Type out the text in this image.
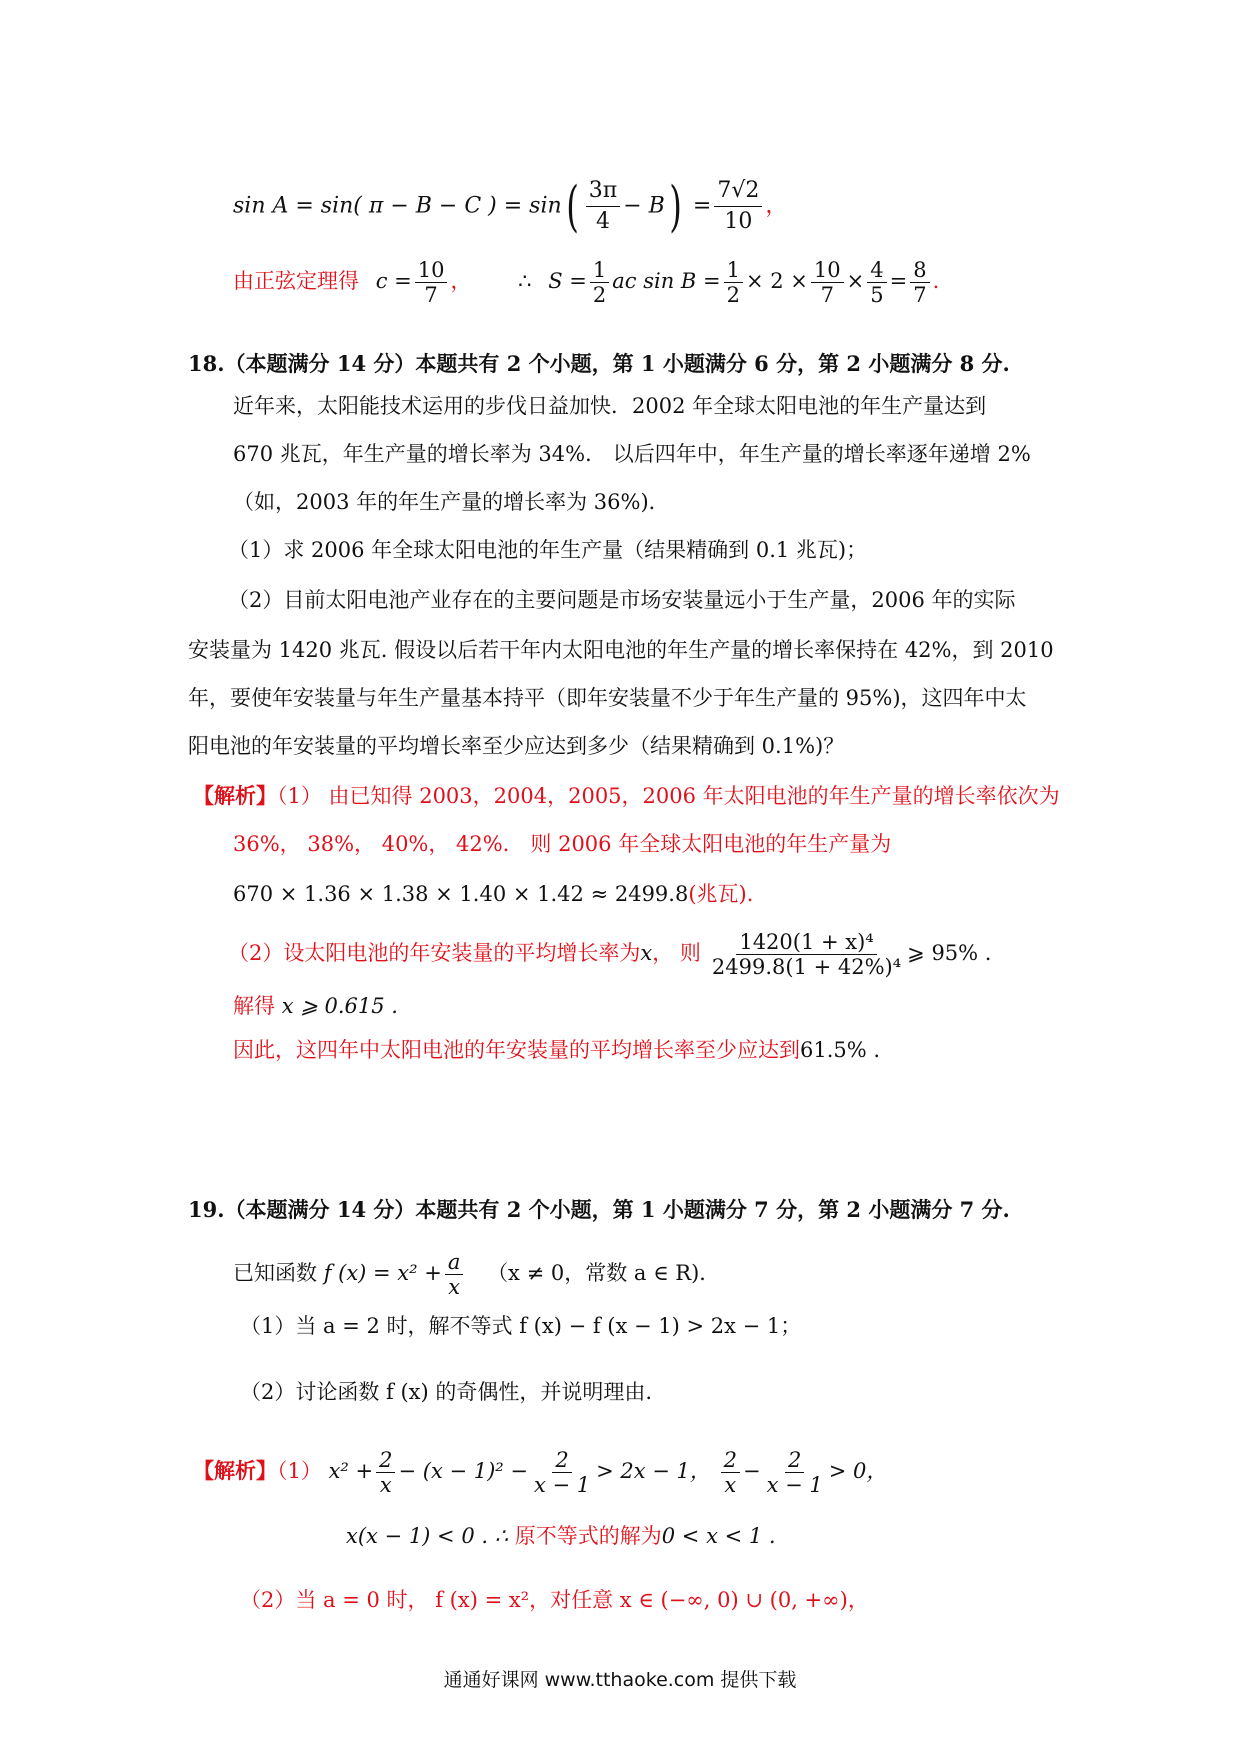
sin A = sin( π − B − C ) = $\sin( \frac{3\pi}{4} - B) = \frac{7√2}{10}$ ，
由正弦定理得 $c = \frac{10}{7}$ ， ∴ $S = \frac{1}{2}$ ac $\sin B = \frac{1}{2} \times 2 \times \frac{10}{7} \times \frac{4}{5} = \frac{8}{7}$ .
18.（本题满分 14 分）本题共有 2 个小题，第 1 小题满分 6 分，第 2 小题满分 8 分.
近年来，太阳能技术运用的步伐日益加快．2002 年全球太阳电池的年生产量达到
670 兆瓦，年生产量的增长率为 34%． 以后四年中，年生产量的增长率逐年递增 2%
（如，2003 年的年生产量的增长率为 36%)．
（1）求 2006 年全球太阳电池的年生产量（结果精确到 0.1 兆瓦)；
（2）目前太阳电池产业存在的主要问题是市场安装量远小于生产量，2006 年的实际
安装量为 1420 兆瓦. 假设以后若干年内太阳电池的年生产量的增长率保持在 42%，到 2010
年，要使年安装量与年生产量基本持平（即年安装量不少于年生产量的 95%)，这四年中太
阳电池的年安装量的平均增长率至少应达到多少（结果精确到 0.1%)？
【解析】（1） 由已知得 2003，2004，2005，2006 年太阳电池的年生产量的增长率依次为
36%， 38%， 40%， 42%． 则 2006 年全球太阳电池的年生产量为
670 × 1.36 × 1.38 × 1.40 × 1.42 ≈ 2499.8(兆瓦).
（2）设太阳电池的年安装量的平均增长率为x， 则 $\frac{\text{1420(1 + x)⁴}}{\text{2499.8(1 + 42\%)⁴}}$ ⩾ 95% .
解得 x ⩾ 0.615 .
因此，这四年中太阳电池的年安装量的平均增长率至少应达到61.5% .
19.（本题满分 14 分）本题共有 2 个小题，第 1 小题满分 7 分，第 2 小题满分 7 分.
已知函数 f $(x) = x^2 + \frac{a}{x} (x \ne 0$，常数 a ∈ R)．
（1）当 a = 2 时，解不等式 f (x) − f (x − 1) > 2x − 1；
（2）讨论函数 f (x) 的奇偶性，并说明理由.
【解析】（1） $x^2 + \frac{2}{x} - (x - 1)^2 - \frac{2}{x - 1} > 2x - 1$， $\frac{2}{x} - \frac{2}{x - 1} > 0$，
x(x − 1) < 0 . ∴ 原不等式的解为0 < x < 1 .
（2）当 a = 0 时， f (x) = x²，对任意 x ∈ (−∞, 0) ∪ (0, +∞)，
通通好课网 www.tthaoke.com 提供下载
